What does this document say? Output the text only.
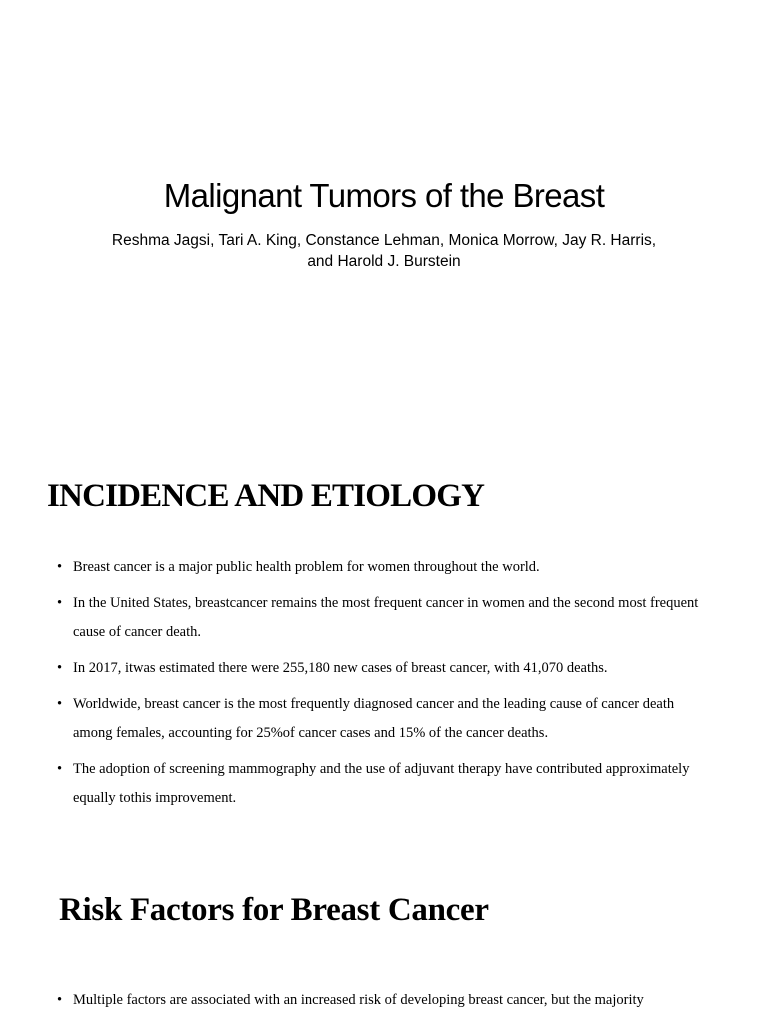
Malignant Tumors of the Breast
Reshma Jagsi, Tari A. King, Constance Lehman, Monica Morrow, Jay R. Harris, and Harold J. Burstein
INCIDENCE AND ETIOLOGY
• Breast cancer is a major public health problem for women throughout the world.
• In the United States, breastcancer remains the most frequent cancer in women and the second most frequent cause of cancer death.
• In 2017, itwas estimated there were 255,180 new cases of breast cancer, with 41,070 deaths.
• Worldwide, breast cancer is the most frequently diagnosed cancer and the leading cause of cancer death among females, accounting for 25%of cancer cases and 15% of the cancer deaths.
• The adoption of screening mammography and the use of adjuvant therapy have contributed approximately equally tothis improvement.
Risk Factors for Breast Cancer
• Multiple factors are associated with an increased risk of developing breast cancer, but the majority
